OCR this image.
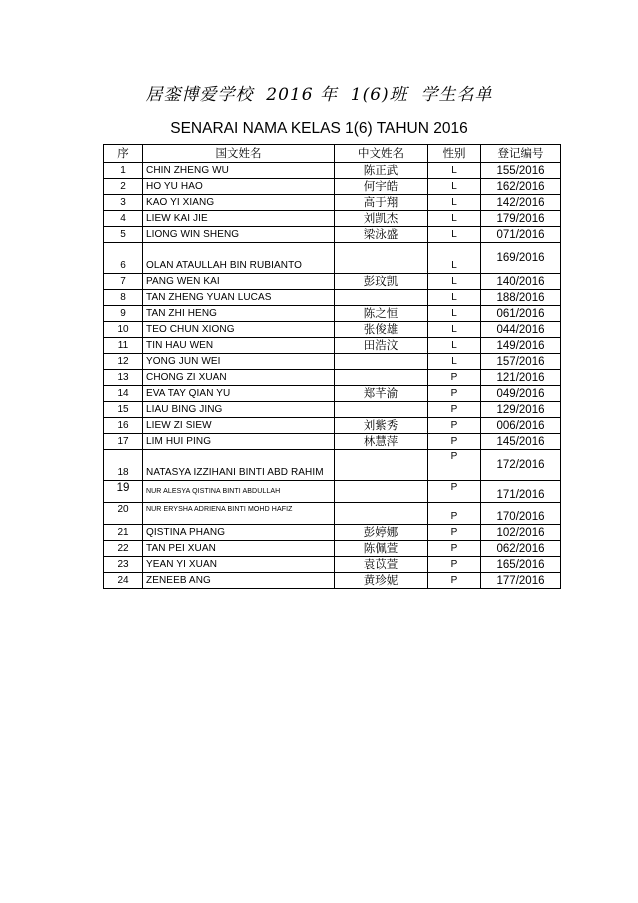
居銮博爱学校  2016 年  1(6)班  学生名单
SENARAI NAMA KELAS 1(6) TAHUN 2016
序	国文姓名	中文姓名	性别	登记编号
1	CHIN ZHENG WU	陈正武	L	155/2016
2	HO YU HAO	何宇皓	L	162/2016
3	KAO YI XIANG	高于翔	L	142/2016
4	LIEW KAI JIE	刘凯杰	L	179/2016
5	LIONG WIN SHENG	梁泳盛	L	071/2016
6	OLAN ATAULLAH BIN RUBIANTO		L	169/2016
7	PANG WEN KAI	彭玟凯	L	140/2016
8	TAN ZHENG YUAN LUCAS		L	188/2016
9	TAN ZHI HENG	陈之恒	L	061/2016
10	TEO CHUN XIONG	张俊雄	L	044/2016
11	TIN HAU WEN	田浩汶	L	149/2016
12	YONG JUN WEI		L	157/2016
13	CHONG ZI XUAN		P	121/2016
14	EVA TAY QIAN YU	郑芊渝	P	049/2016
15	LIAU BING JING		P	129/2016
16	LIEW ZI SIEW	刘紫秀	P	006/2016
17	LIM HUI PING	林慧萍	P	145/2016
18	NATASYA IZZIHANI BINTI ABD RAHIM		P	172/2016
19	NUR ALESYA QISTINA BINTI ABDULLAH		P	171/2016
20	NUR ERYSHA ADRIENA BINTI MOHD HAFIZ		P	170/2016
21	QISTINA PHANG	彭婷娜	P	102/2016
22	TAN PEI XUAN	陈佩萱	P	062/2016
23	YEAN YI XUAN	袁苡萱	P	165/2016
24	ZENEEB ANG	黄珍妮	P	177/2016
